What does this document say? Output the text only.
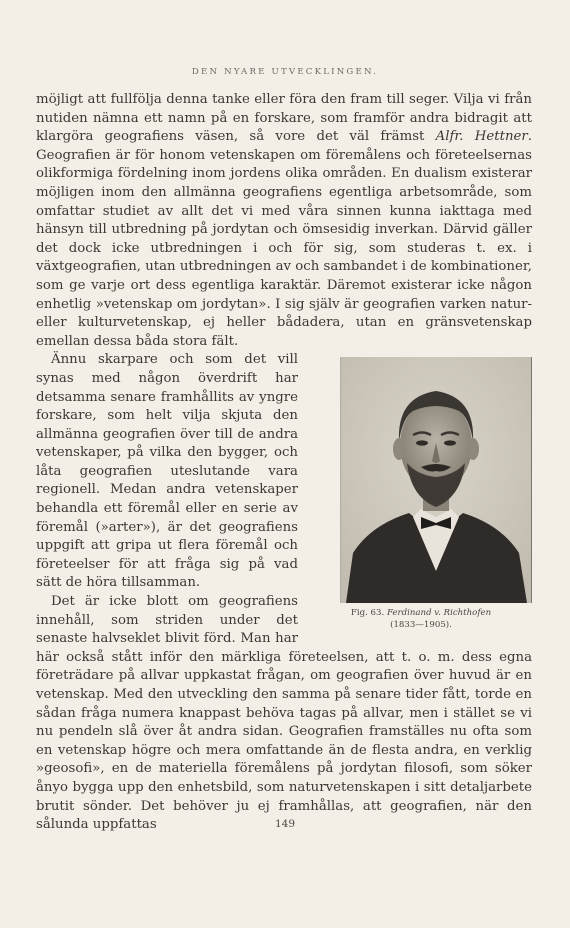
DEN NYARE UTVECKLINGEN.

möjligt att fullfölja denna tanke eller föra den fram till seger. Vilja vi från nutiden nämna ett namn på en forskare, som framför andra bidragit att klargöra geografiens väsen, så vore det väl främst Alfr. Hettner. Geografien är för honom vetenskapen om föremålens och företeelsernas olikformiga fördelning inom jordens olika områden. En dualism existerar möjligen inom den allmänna geografiens egentliga arbetsområde, som omfattar studiet av allt det vi med våra sinnen kunna iakttaga med hänsyn till utbredning på jordytan och ömsesidig inverkan. Därvid gäller det dock icke utbredningen i och för sig, som studeras t. ex. i växtgeografien, utan utbredningen av och sambandet i de kombinationer, som ge varje ort dess egentliga karaktär. Däremot existerar icke någon enhetlig »vetenskap om jordytan». I sig själv är geografien varken natur- eller kulturvetenskap, ej heller bådadera, utan en gränsvetenskap emellan dessa båda stora fält.

Fig. 63. Ferdinand v. Richthofen
(1833—1905).

Ännu skarpare och som det vill synas med någon överdrift har detsamma senare framhållits av yngre forskare, som helt vilja skjuta den allmänna geografien över till de andra vetenskaper, på vilka den bygger, och låta geografien uteslutande vara regionell. Medan andra vetenskaper behandla ett föremål eller en serie av föremål (»arter»), är det geografiens uppgift att gripa ut flera föremål och företeelser för att fråga sig på vad sätt de höra tillsamman.

Det är icke blott om geografiens innehåll, som striden under det senaste halvseklet blivit förd. Man har här också stått inför den märkliga företeelsen, att t. o. m. dess egna företrädare på allvar uppkastat frågan, om geografien över huvud är en vetenskap. Med den utveckling den samma på senare tider fått, torde en sådan fråga numera knappast behöva tagas på allvar, men i stället se vi nu pendeln slå över åt andra sidan. Geografien framställes nu ofta som en vetenskap högre och mera omfattande än de flesta andra, en verklig »geosofi», en de materiella föremålens på jordytan filosofi, som söker ånyo bygga upp den enhetsbild, som naturvetenskapen i sitt detaljarbete brutit sönder. Det behöver ju ej framhållas, att geografien, när den sålunda uppfattas	149
